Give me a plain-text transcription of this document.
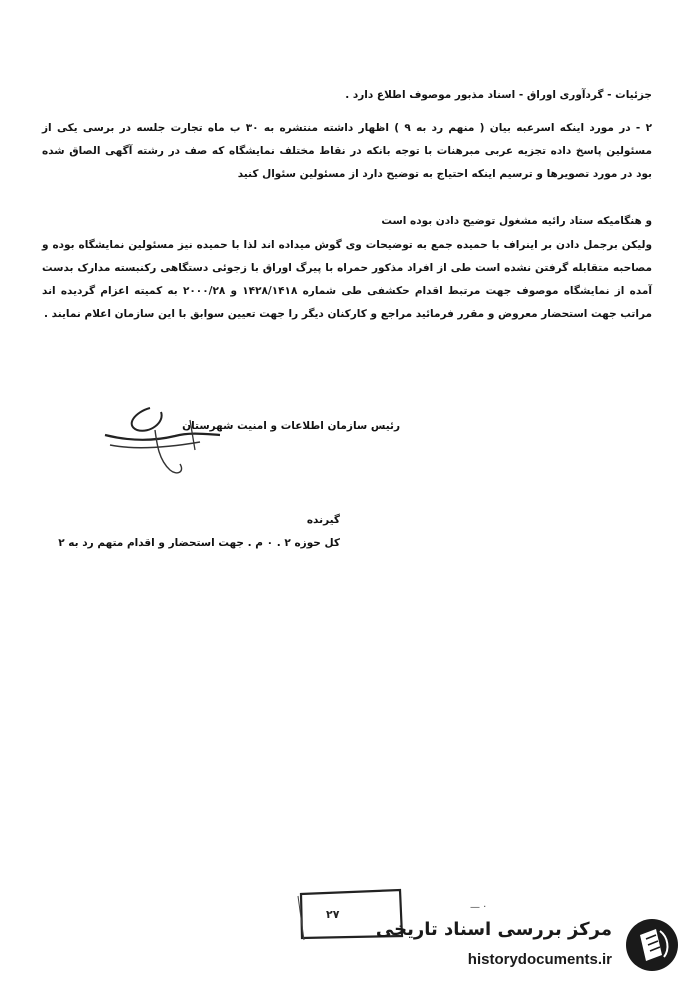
جزئیات - گردآوری اوراق - اسناد مذبور موصوف اطلاع دارد .
۲ - در مورد اینکه اسرعبه بیان ( منهم رد به ۹ ) اظهار داشته منتشره به ۳۰ ب ماه تجارت جلسه در برسی یکی از مسئولین پاسخ داده تجزیه عربی مبرهنات با توجه بانکه در نقاط مختلف نمایشگاه که صف در رشته آگهی الصاق شده بود در مورد تصویرها و ترسیم اینکه احتیاج به توضیح دارد از مسئولین سئوال کنید
و هنگامیکه ستاد رائیه مشغول توضیح دادن بوده است
ولیکن برجمل دادن بر اینراف با حمیده جمع به توضیحات وی گوش میداده اند لذا با حمیده نیز مسئولین نمایشگاه بوده و مصاحبه متقابله گرفتن نشده است طی از افراد مذکور حمراه با پیرگ اوراق با زجوئی دستگاهی رکنبسته مدارک بدست آمده از نمایشگاه موصوف جهت مرتبط اقدام حکشفی طی شماره ۱۴۲۸/۱۴۱۸ و ۲۰۰۰/۲۸ به کمیته اعزام گردیده اند مراتب جهت استحضار معروض و مقرر فرمائید مراجع و کارکنان دیگر را جهت تعیین سوابق با این سازمان اعلام نمایند .
رئیس سازمان اطلاعات و امنیت شهرستان
گیرنده
کل حوزه ۲ . ۰ م . جهت استحضار و اقدام متهم رد به ۲
۲۷
— ·
مرکز بررسی اسناد تاریخی
historydocuments.ir
